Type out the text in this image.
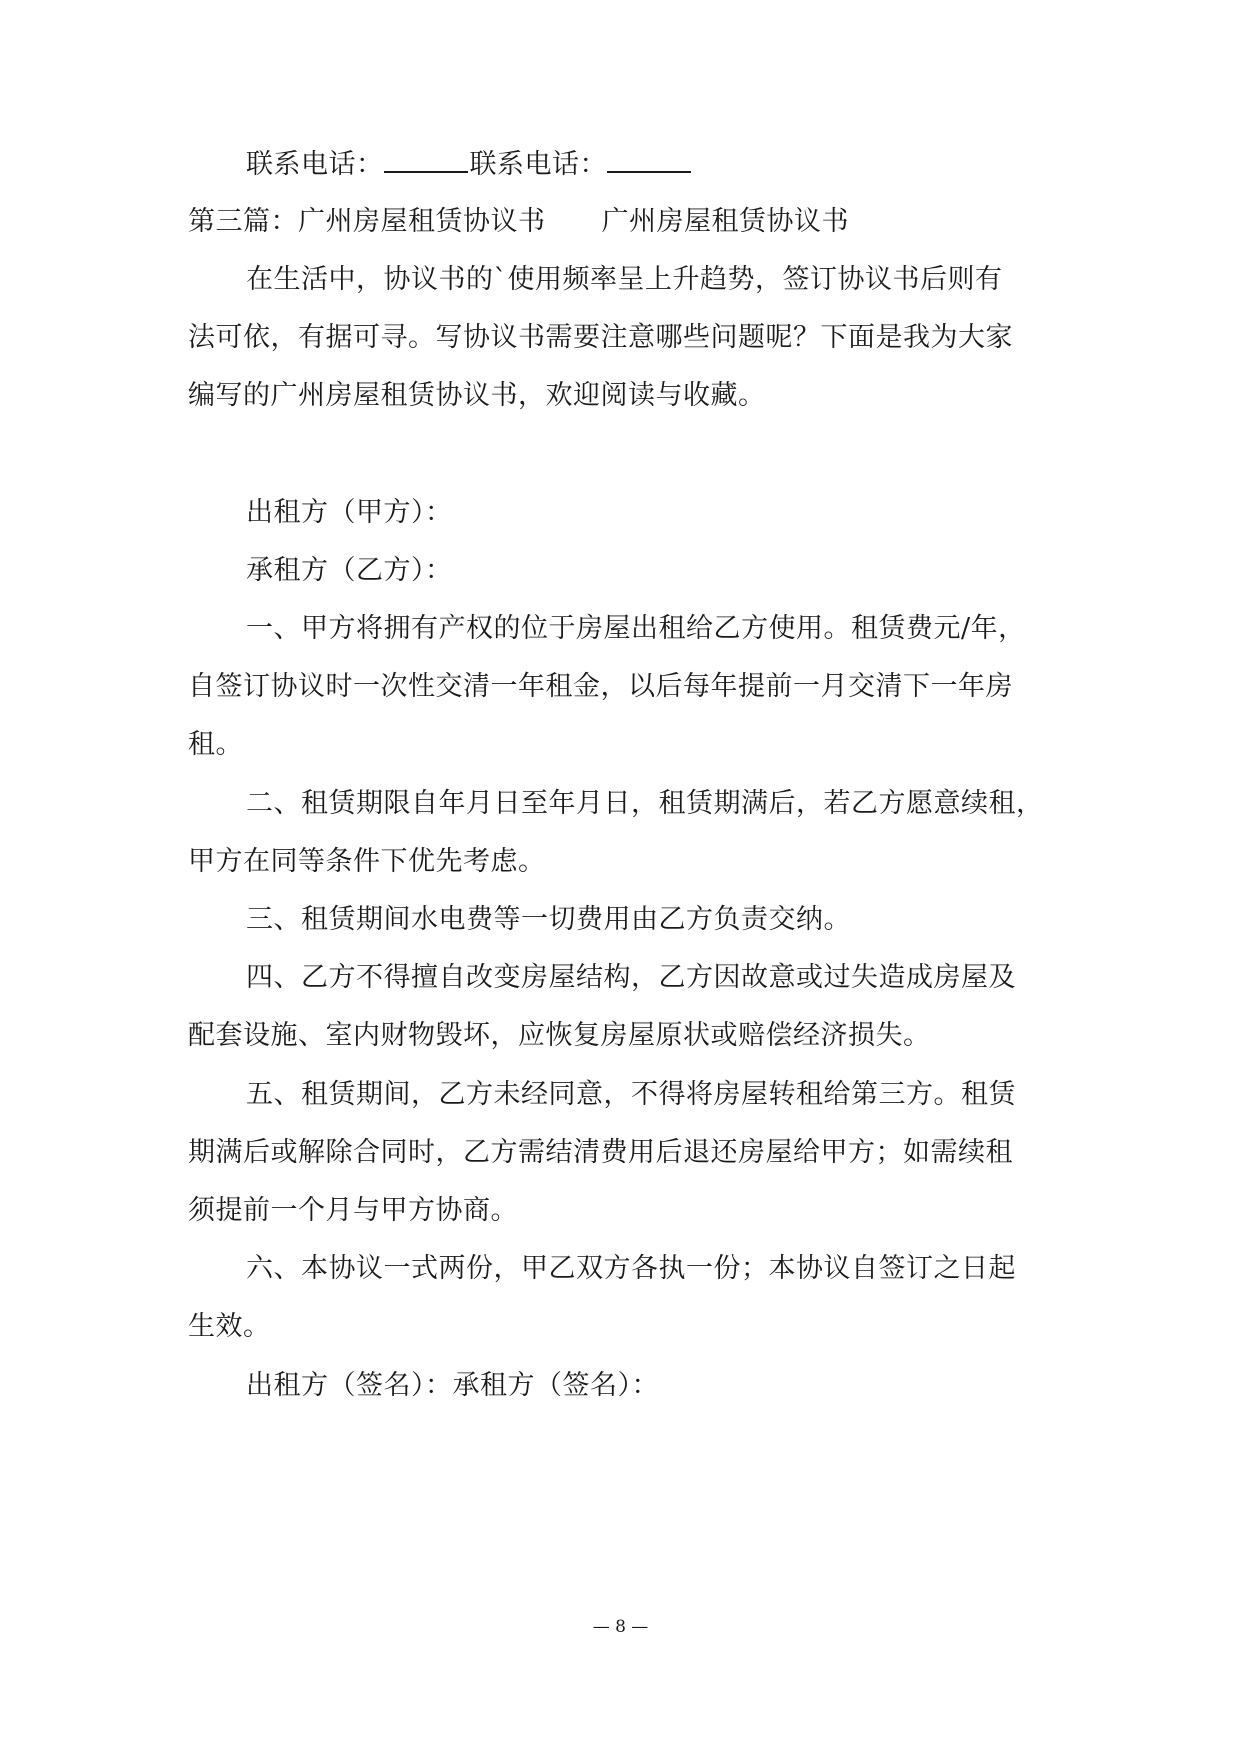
联系电话：	联系电话：
第三篇：广州房屋租赁协议书 广州房屋租赁协议书
在生活中，协议书的`使用频率呈上升趋势，签订协议书后则有
法可依，有据可寻。写协议书需要注意哪些问题呢？下面是我为大家
编写的广州房屋租赁协议书，欢迎阅读与收藏。
出租方（甲方）：
承租方（乙方）：
一、甲方将拥有产权的位于房屋出租给乙方使用。租赁费元/年，
自签订协议时一次性交清一年租金，以后每年提前一月交清下一年房
租。
二、租赁期限自年月日至年月日，租赁期满后，若乙方愿意续租，
甲方在同等条件下优先考虑。
三、租赁期间水电费等一切费用由乙方负责交纳。
四、乙方不得擅自改变房屋结构，乙方因故意或过失造成房屋及
配套设施、室内财物毁坏，应恢复房屋原状或赔偿经济损失。
五、租赁期间，乙方未经同意，不得将房屋转租给第三方。租赁
期满后或解除合同时，乙方需结清费用后退还房屋给甲方；如需续租
须提前一个月与甲方协商。
六、本协议一式两份，甲乙双方各执一份；本协议自签订之日起
生效。
出租方（签名）：承租方（签名）：
— 8 —
